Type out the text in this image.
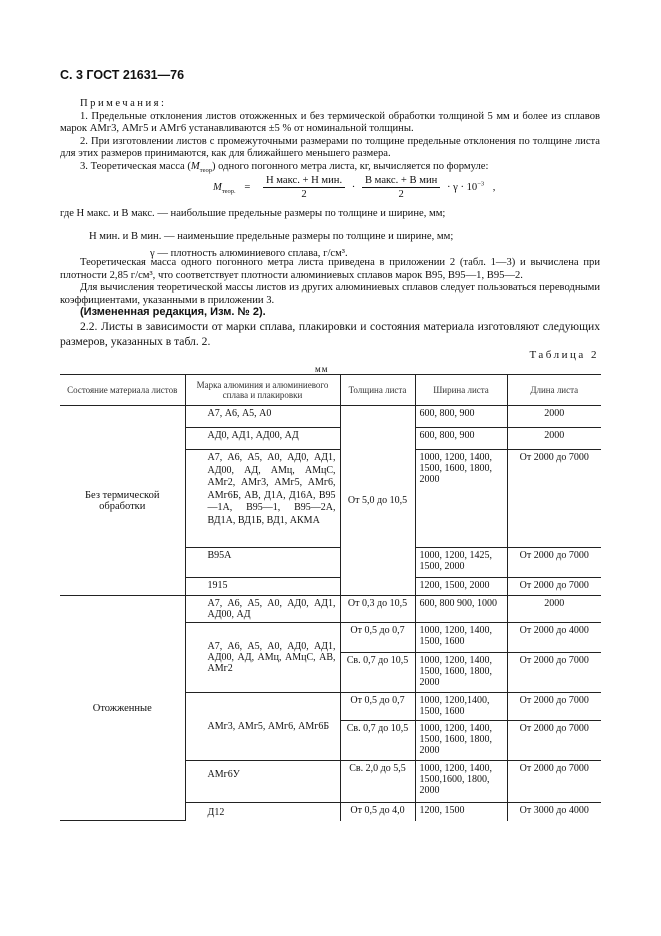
С. 3 ГОСТ 21631—76

Примечания:

1. Предельные отклонения листов отожженных и без термической обработки толщиной 5 мм и более из сплавов марок АМг3, АМг5 и АМг6 устанавливаются ±5 % от номинальной толщины.

2. При изготовлении листов с промежуточными размерами по толщине предельные отклонения по толщине листа для этих размеров принимаются, как для ближайшего меньшего размера.

3. Теоретическая масса $(M_{теор})$ одного погонного метра листа, кг, вычисляется по формуле:

$M_{теор.} = \frac{\text{H макс. + H мин.}}{2} \cdot \frac{\text{B макс. + B мин}}{2} \cdot \gamma \cdot 10^{-3}$ ,
где H макс. и B макс. — наибольшие предельные размеры по толщине и ширине, мм;
H мин. и B мин. — наименьшие предельные размеры по толщине и ширине, мм;
γ — плотность алюминиевого сплава, г/см³.

Теоретическая масса одного погонного метра листа приведена в приложении 2 (табл. 1—3) и вычислена при плотности 2,85 г/см³, что соответствует плотности алюминиевых сплавов марок В95, В95—1, В95—2.

Для вычисления теоретической массы листов из других алюминиевых сплавов следует пользоваться переводными коэффициентами, указанными в приложении 3.

(Измененная редакция, Изм. № 2).

2.2. Листы в зависимости от марки сплава, плакировки и состояния материала изготовляют следующих размеров, указанных в табл. 2.

Таблица 2
мм
Состояние материала листов	Марка алюминия и алюминиевого сплава и плакировки	Толщина листа	Ширина листа	Длина листа
Без термической обработки	А7, А6, А5, А0	От 5,0 до 10,5	600, 800, 900	2000
	АД0, АД1, АД00, АД		600, 800, 900	2000
	А7, А6, А5, А0, АД0, АД1, АД00, АД, АМц, АМцС, АМг2, АМг3, АМг5, АМг6, АМг6Б, АВ, Д1А, Д16А, В95—1А, В95—1, В95—2А, ВД1А, ВД1Б, ВД1, АКМА		1000, 1200, 1400, 1500, 1600, 1800, 2000	От 2000 до 7000
	В95А		1000, 1200, 1425, 1500, 2000	От 2000 до 7000
	1915		1200, 1500, 2000	От 2000 до 7000
Отожженные	А7, А6, А5, А0, АД0, АД1, АД00, АД	От 0,3 до 10,5	600, 800 900, 1000	2000
	А7, А6, А5, А0, АД0, АД1, АД00, АД, АМц, АМцС, АВ, АМг2	От 0,5 до 0,7	1000, 1200, 1400, 1500, 1600	От 2000 до 4000
		Св. 0,7 до 10,5	1000, 1200, 1400, 1500, 1600, 1800, 2000	От 2000 до 7000
	АМг3, АМг5, АМг6, АМг6Б	От 0,5 до 0,7	1000, 1200,1400, 1500, 1600	От 2000 до 7000
		Св. 0,7 до 10,5	1000, 1200, 1400, 1500, 1600, 1800, 2000	От 2000 до 7000
	АМг6У	Св. 2,0 до 5,5	1000, 1200, 1400, 1500,1600, 1800, 2000	От 2000 до 7000
	Д12	От 0,5 до 4,0	1200, 1500	От 3000 до 4000
